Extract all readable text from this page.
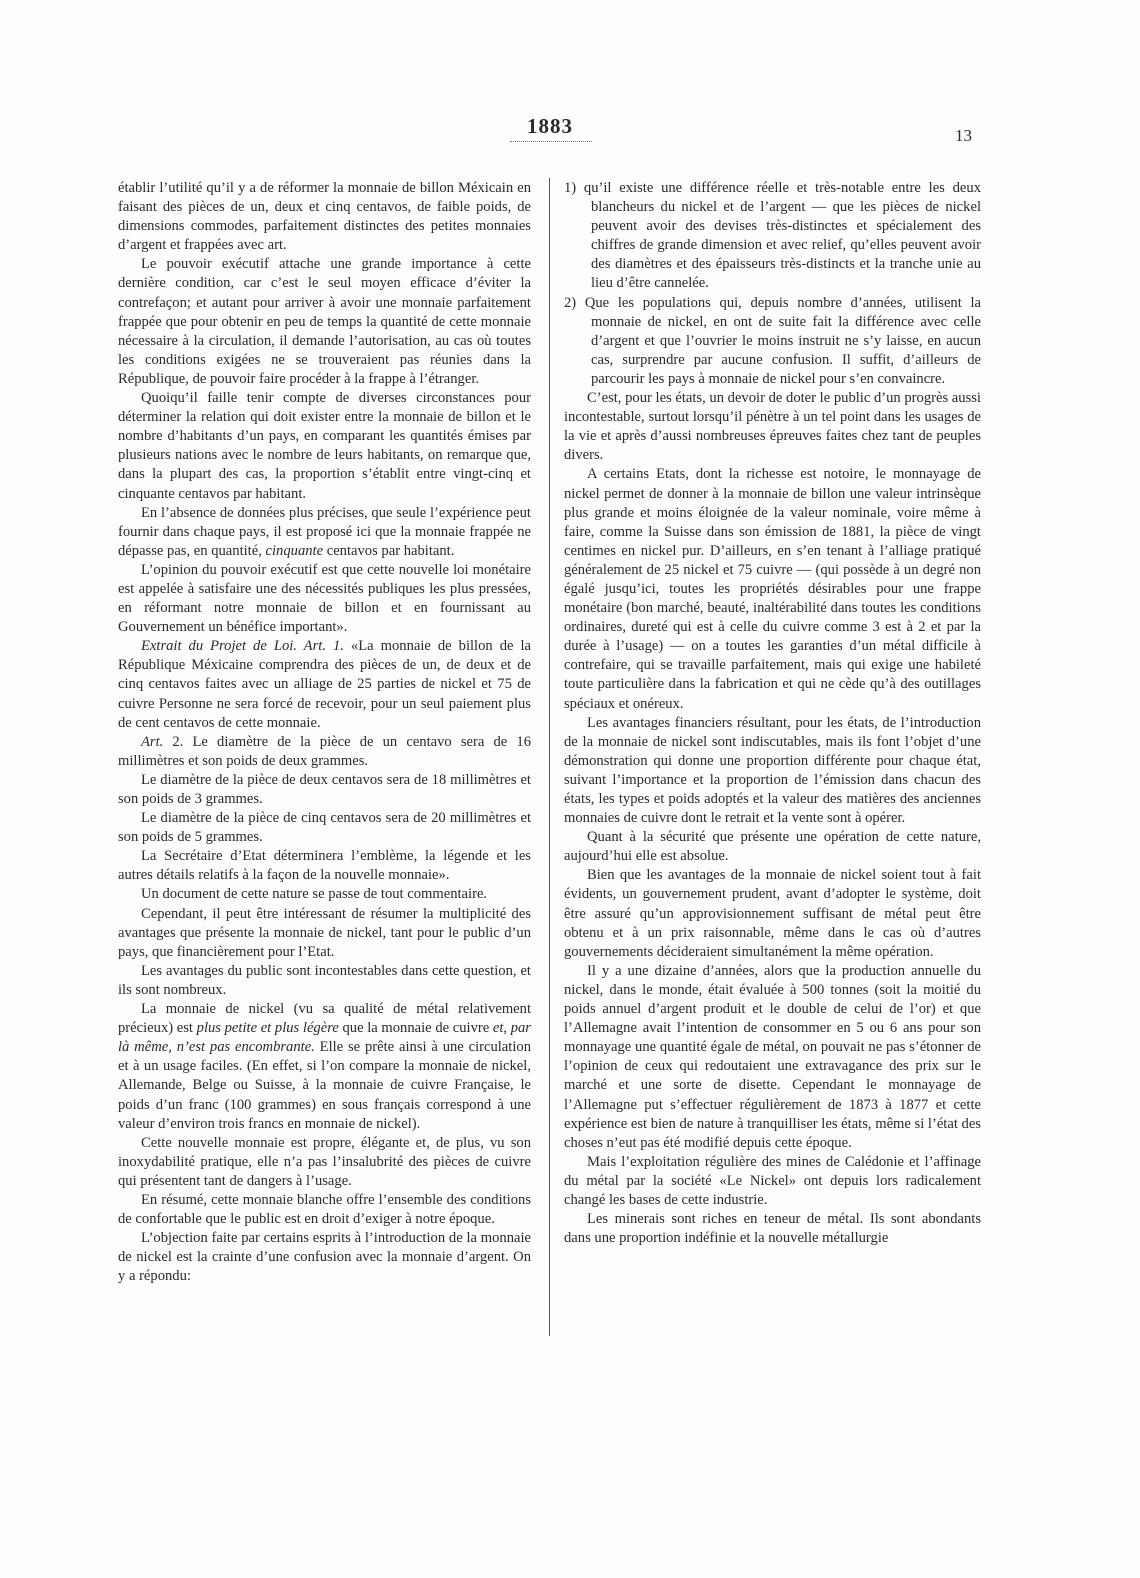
1883	13

établir l’utilité qu’il y a de réformer la monnaie de billon Méxicain en faisant des pièces de un, deux et cinq centavos, de faible poids, de dimensions commodes, parfaitement distinctes des petites monnaies d’argent et frappées avec art.

Le pouvoir exécutif attache une grande importance à cette dernière condition, car c’est le seul moyen efficace d’éviter la contrefaçon; et autant pour arriver à avoir une monnaie parfaitement frappée que pour obtenir en peu de temps la quantité de cette monnaie nécessaire à la circulation, il demande l’autorisation, au cas où toutes les conditions exigées ne se trouveraient pas réunies dans la République, de pouvoir faire procéder à la frappe à l’étranger.

Quoiqu’il faille tenir compte de diverses circonstances pour déterminer la relation qui doit exister entre la monnaie de billon et le nombre d’habitants d’un pays, en comparant les quantités émises par plusieurs nations avec le nombre de leurs habitants, on remarque que, dans la plupart des cas, la proportion s’établit entre vingt-cinq et cinquante centavos par habitant.

En l’absence de données plus précises, que seule l’expérience peut fournir dans chaque pays, il est proposé ici que la monnaie frappée ne dépasse pas, en quantité, cinquante centavos par habitant.

L’opinion du pouvoir exécutif est que cette nouvelle loi monétaire est appelée à satisfaire une des nécessités publiques les plus pressées, en réformant notre monnaie de billon et en fournissant au Gouvernement un bénéfice important».

Extrait du Projet de Loi. Art. 1. «La monnaie de billon de la République Méxicaine comprendra des pièces de un, de deux et de cinq centavos faites avec un alliage de 25 parties de nickel et 75 de cuivre Personne ne sera forcé de recevoir, pour un seul paiement plus de cent centavos de cette monnaie.

Art. 2. Le diamètre de la pièce de un centavo sera de 16 millimètres et son poids de deux grammes.

Le diamètre de la pièce de deux centavos sera de 18 millimètres et son poids de 3 grammes.

Le diamètre de la pièce de cinq centavos sera de 20 millimètres et son poids de 5 grammes.

La Secrétaire d’Etat déterminera l’emblème, la légende et les autres détails relatifs à la façon de la nouvelle monnaie».

Un document de cette nature se passe de tout commentaire.

Cependant, il peut être intéressant de résumer la multiplicité des avantages que présente la monnaie de nickel, tant pour le public d’un pays, que financièrement pour l’Etat.

Les avantages du public sont incontestables dans cette question, et ils sont nombreux.

La monnaie de nickel (vu sa qualité de métal relativement précieux) est plus petite et plus légère que la monnaie de cuivre et, par là même, n’est pas encombrante. Elle se prête ainsi à une circulation et à un usage faciles. (En effet, si l’on compare la monnaie de nickel, Allemande, Belge ou Suisse, à la monnaie de cuivre Française, le poids d’un franc (100 grammes) en sous français correspond à une valeur d’environ trois francs en monnaie de nickel).

Cette nouvelle monnaie est propre, élégante et, de plus, vu son inoxydabilité pratique, elle n’a pas l’insalubrité des pièces de cuivre qui présentent tant de dangers à l’usage.

En résumé, cette monnaie blanche offre l’ensemble des conditions de confortable que le public est en droit d’exiger à notre époque.

L’objection faite par certains esprits à l’introduction de la monnaie de nickel est la crainte d’une confusion avec la monnaie d’argent. On y a répondu:

1) qu’il existe une différence réelle et très-notable entre les deux blancheurs du nickel et de l’argent — que les pièces de nickel peuvent avoir des devises très-distinctes et spécialement des chiffres de grande dimension et avec relief, qu’elles peuvent avoir des diamètres et des épaisseurs très-distincts et la tranche unie au lieu d’être cannelée.

2) Que les populations qui, depuis nombre d’années, utilisent la monnaie de nickel, en ont de suite fait la différence avec celle d’argent et que l’ouvrier le moins instruit ne s’y laisse, en aucun cas, surprendre par aucune confusion. Il suffit, d’ailleurs de parcourir les pays à monnaie de nickel pour s’en convaincre.

C’est, pour les états, un devoir de doter le public d’un progrès aussi incontestable, surtout lorsqu’il pénètre à un tel point dans les usages de la vie et après d’aussi nombreuses épreuves faites chez tant de peuples divers.

A certains Etats, dont la richesse est notoire, le monnayage de nickel permet de donner à la monnaie de billon une valeur intrinsèque plus grande et moins éloignée de la valeur nominale, voire même à faire, comme la Suisse dans son émission de 1881, la pièce de vingt centimes en nickel pur. D’ailleurs, en s’en tenant à l’alliage pratiqué généralement de 25 nickel et 75 cuivre — (qui possède à un degré non égalé jusqu’ici, toutes les propriétés désirables pour une frappe monétaire (bon marché, beauté, inaltérabilité dans toutes les conditions ordinaires, dureté qui est à celle du cuivre comme 3 est à 2 et par la durée à l’usage) — on a toutes les garanties d’un métal difficile à contrefaire, qui se travaille parfaitement, mais qui exige une habileté toute particulière dans la fabrication et qui ne cède qu’à des outillages spéciaux et onéreux.

Les avantages financiers résultant, pour les états, de l’introduction de la monnaie de nickel sont indiscutables, mais ils font l’objet d’une démonstration qui donne une proportion différente pour chaque état, suivant l’importance et la proportion de l’émission dans chacun des états, les types et poids adoptés et la valeur des matières des anciennes monnaies de cuivre dont le retrait et la vente sont à opérer.

Quant à la sécurité que présente une opération de cette nature, aujourd’hui elle est absolue.

Bien que les avantages de la monnaie de nickel soient tout à fait évidents, un gouvernement prudent, avant d’adopter le système, doit être assuré qu’un approvisionnement suffisant de métal peut être obtenu et à un prix raisonnable, même dans le cas où d’autres gouvernements décideraient simultanément la même opération.

Il y a une dizaine d’années, alors que la production annuelle du nickel, dans le monde, était évaluée à 500 tonnes (soit la moitié du poids annuel d’argent produit et le double de celui de l’or) et que l’Allemagne avait l’intention de consommer en 5 ou 6 ans pour son monnayage une quantité égale de métal, on pouvait ne pas s’étonner de l’opinion de ceux qui redoutaient une extravagance des prix sur le marché et une sorte de disette. Cependant le monnayage de l’Allemagne put s’effectuer régulièrement de 1873 à 1877 et cette expérience est bien de nature à tranquilliser les états, même si l’état des choses n’eut pas été modifié depuis cette époque.

Mais l’exploitation régulière des mines de Calédonie et l’affinage du métal par la société «Le Nickel» ont depuis lors radicalement changé les bases de cette industrie.

Les minerais sont riches en teneur de métal. Ils sont abondants dans une proportion indéfinie et la nouvelle métallurgie
